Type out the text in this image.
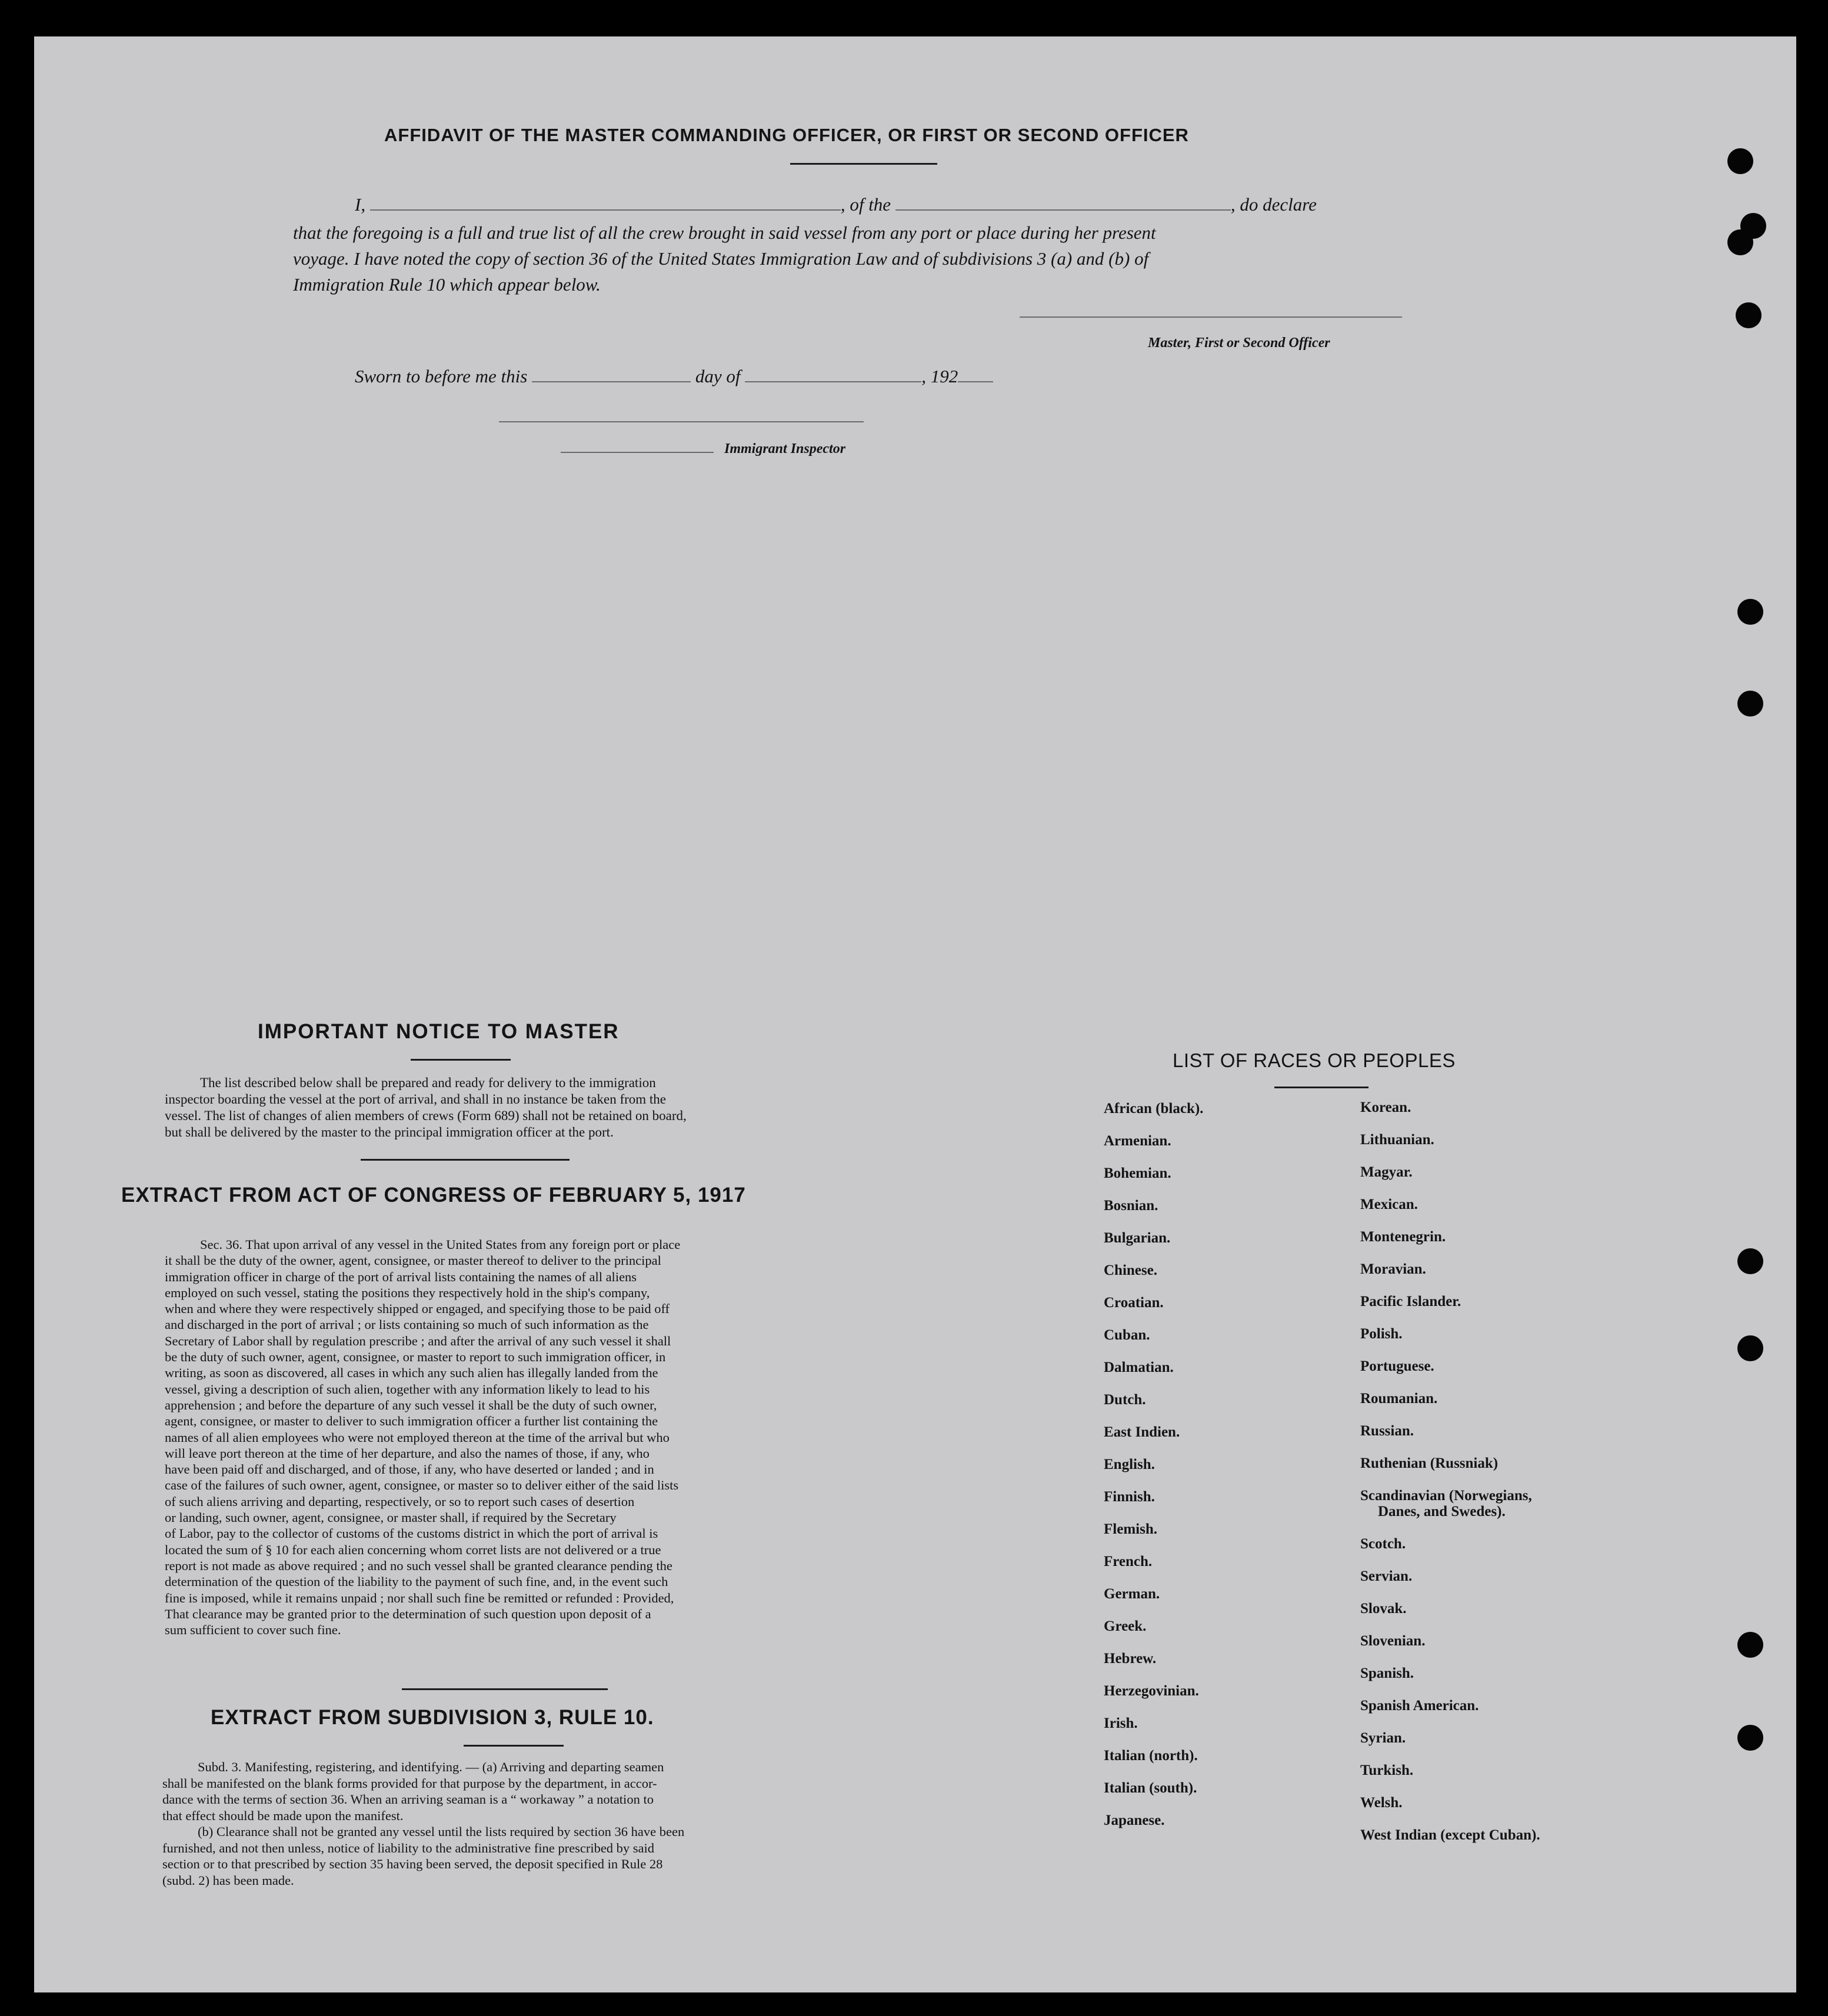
AFFIDAVIT OF THE MASTER COMMANDING OFFICER, OR FIRST OR SECOND OFFICER
I,	, of the	, do declare
that the foregoing is a full and true list of all the crew brought in said vessel from any port or place during her present
voyage. I have noted the copy of section 36 of the United States Immigration Law and of subdivisions 3 (a) and (b) of
Immigration Rule 10 which appear below.
Master, First or Second Officer
Sworn to before me this	day of	, 192
Immigrant Inspector
IMPORTANT NOTICE TO MASTER
The list described below shall be prepared and ready for delivery to the immigration
inspector boarding the vessel at the port of arrival, and shall in no instance be taken from the
vessel. The list of changes of alien members of crews (Form 689) shall not be retained on board,
but shall be delivered by the master to the principal immigration officer at the port.
EXTRACT FROM ACT OF CONGRESS OF FEBRUARY 5, 1917
Sec. 36. That upon arrival of any vessel in the United States from any foreign port or place
it shall be the duty of the owner, agent, consignee, or master thereof to deliver to the principal
immigration officer in charge of the port of arrival lists containing the names of all aliens
employed on such vessel, stating the positions they respectively hold in the ship's company,
when and where they were respectively shipped or engaged, and specifying those to be paid off
and discharged in the port of arrival ; or lists containing so much of such information as the
Secretary of Labor shall by regulation prescribe ; and after the arrival of any such vessel it shall
be the duty of such owner, agent, consignee, or master to report to such immigration officer, in
writing, as soon as discovered, all cases in which any such alien has illegally landed from the
vessel, giving a description of such alien, together with any information likely to lead to his
apprehension ; and before the departure of any such vessel it shall be the duty of such owner,
agent, consignee, or master to deliver to such immigration officer a further list containing the
names of all alien employees who were not employed thereon at the time of the arrival but who
will leave port thereon at the time of her departure, and also the names of those, if any, who
have been paid off and discharged, and of those, if any, who have deserted or landed ; and in
case of the failures of such owner, agent, consignee, or master so to deliver either of the said lists
of such aliens arriving and departing, respectively, or so to report such cases of desertion
or landing, such owner, agent, consignee, or master shall, if required by the Secretary
of Labor, pay to the collector of customs of the customs district in which the port of arrival is
located the sum of § 10 for each alien concerning whom corret lists are not delivered or a true
report is not made as above required ; and no such vessel shall be granted clearance pending the
determination of the question of the liability to the payment of such fine, and, in the event such
fine is imposed, while it remains unpaid ; nor shall such fine be remitted or refunded : Provided,
That clearance may be granted prior to the determination of such question upon deposit of a
sum sufficient to cover such fine.
EXTRACT FROM SUBDIVISION 3, RULE 10.
Subd. 3. Manifesting, registering, and identifying. — (a) Arriving and departing seamen
shall be manifested on the blank forms provided for that purpose by the department, in accor-
dance with the terms of section 36. When an arriving seaman is a “ workaway ” a notation to
that effect should be made upon the manifest.
(b) Clearance shall not be granted any vessel until the lists required by section 36 have been
furnished, and not then unless, notice of liability to the administrative fine prescribed by said
section or to that prescribed by section 35 having been served, the deposit specified in Rule 28
(subd. 2) has been made.
LIST OF RACES OR PEOPLES
African (black).
Armenian.
Bohemian.
Bosnian.
Bulgarian.
Chinese.
Croatian.
Cuban.
Dalmatian.
Dutch.
East Indien.
English.
Finnish.
Flemish.
French.
German.
Greek.
Hebrew.
Herzegovinian.
Irish.
Italian (north).
Italian (south).
Japanese.
Korean.
Lithuanian.
Magyar.
Mexican.
Montenegrin.
Moravian.
Pacific Islander.
Polish.
Portuguese.
Roumanian.
Russian.
Ruthenian (Russniak)
Scandinavian (Norwegians,
Danes, and Swedes).
Scotch.
Servian.
Slovak.
Slovenian.
Spanish.
Spanish American.
Syrian.
Turkish.
Welsh.
West Indian (except Cuban).
